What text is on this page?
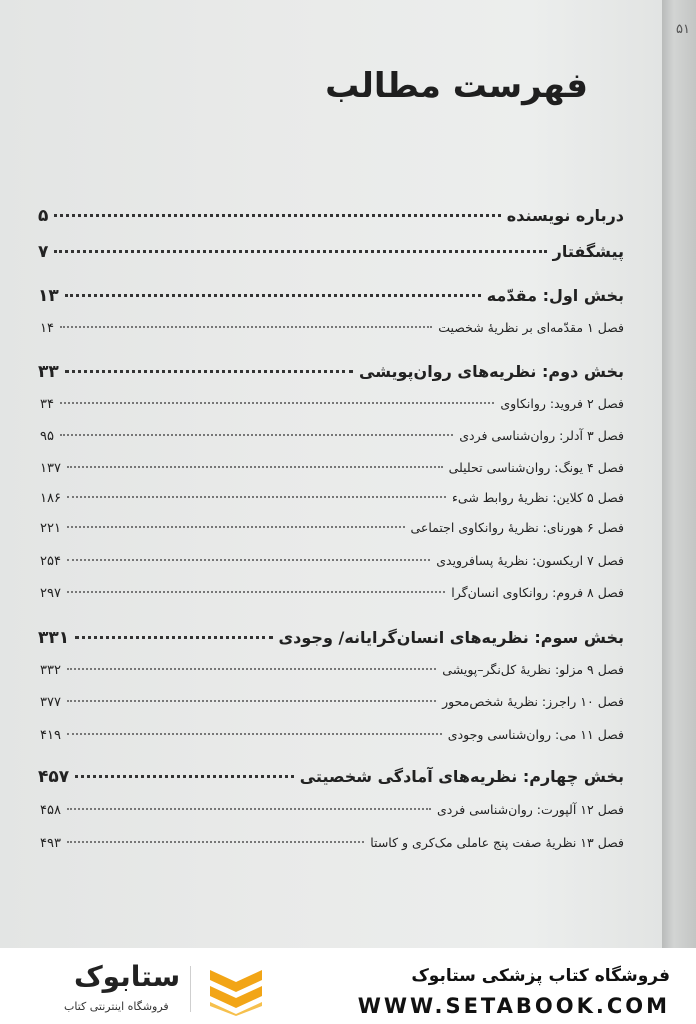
۵۱
فهرست مطالب
درباره نویسنده
۵
پیشگفتار
۷
بخش اول: مقدّمه
۱۳
فصل ۱ مقدّمه‌ای بر نظریۀ شخصیت
۱۴
بخش دوم: نظریه‌های روان‌پویشی
۳۳
فصل ۲ فروید: روانکاوی
۳۴
فصل ۳ آدلر: روان‌شناسی فردی
۹۵
فصل ۴ یونگ: روان‌شناسی تحلیلی
۱۳۷
فصل ۵ کلاین: نظریۀ روابط شیء
۱۸۶
فصل ۶ هورنای: نظریۀ روانکاوی اجتماعی
۲۲۱
فصل ۷ اریکسون: نظریۀ پسافرویدی
۲۵۴
فصل ۸ فروم: روانکاوی انسان‌گرا
۲۹۷
بخش سوم: نظریه‌های انسان‌گرایانه/ وجودی
۳۳۱
فصل ۹ مزلو: نظریۀ کل‌نگر–پویشی
۳۳۲
فصل ۱۰ راجرز: نظریۀ شخص‌محور
۳۷۷
فصل ۱۱ می: روان‌شناسی وجودی
۴۱۹
بخش چهارم: نظریه‌های آمادگی شخصیتی
۴۵۷
فصل ۱۲ آلپورت: روان‌شناسی فردی
۴۵۸
فصل ۱۳ نظریۀ صفت پنج عاملی مک‌کری و کاستا
۴۹۳
ستابوک
فروشگاه اینترنتی کتاب
فروشگاه کتاب پزشکی ستابوک
WWW.SETABOOK.COM
